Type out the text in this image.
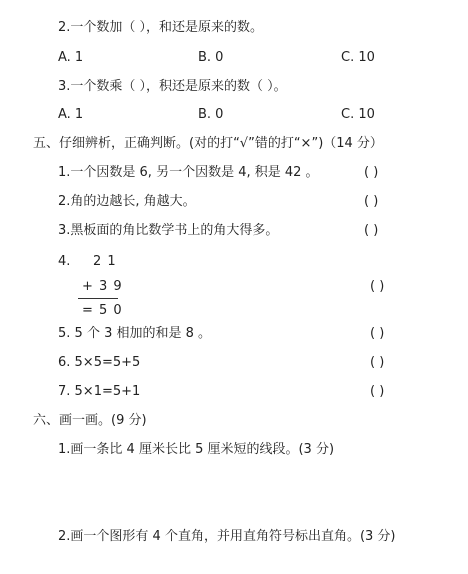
2.一个数加（ ），和还是原来的数。
A. 1	B. 0	C. 10
3.一个数乘（ ），积还是原来的数（ ）。
A. 1	B. 0	C. 10
五、仔细辨析，正确判断。(对的打“√”错的打“×”)（14 分）
1.一个因数是 6, 另一个因数是 4, 积是 42 。	( )
2.角的边越长, 角越大。	( )
3.黑板面的角比数学书上的角大得多。	( )
4. 2 1
+ 3 9
= 5 0
( )
5. 5 个 3 相加的和是 8 。	( )
6. 5×5=5+5	( )
7. 5×1=5+1	( )
六、画一画。(9 分)
1.画一条比 4 厘米长比 5 厘米短的线段。(3 分)
2.画一个图形有 4 个直角，并用直角符号标出直角。(3 分)
